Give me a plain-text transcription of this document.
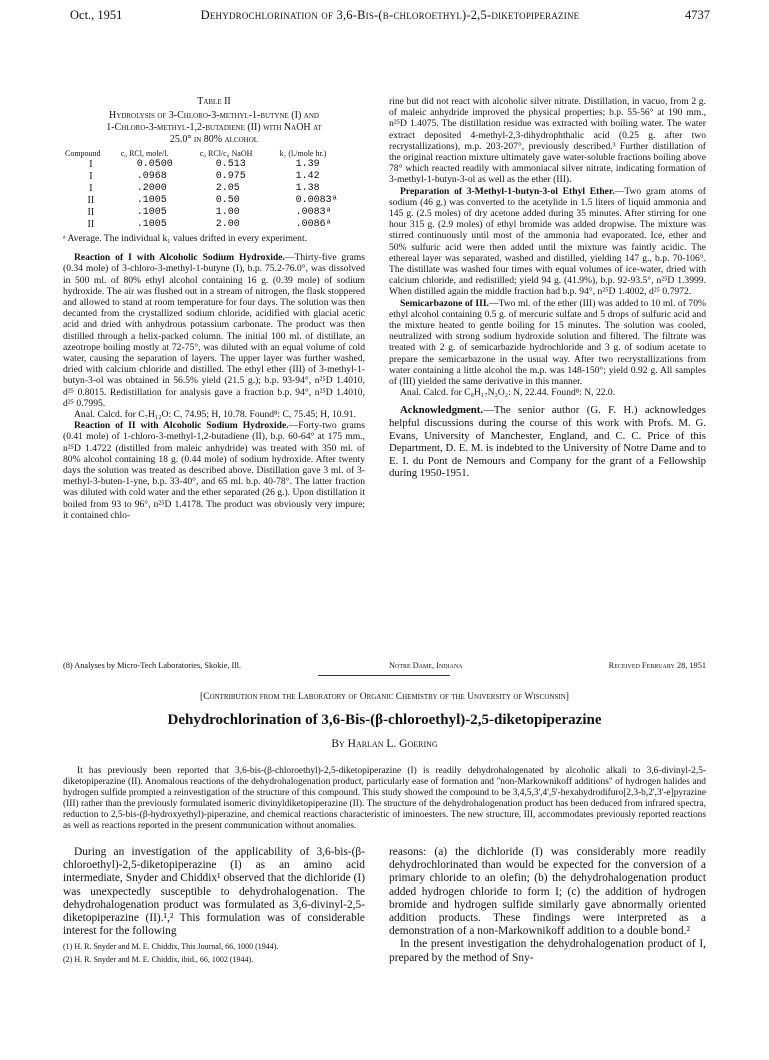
Oct., 1951	Dehydrochlorination of 3,6-Bis-(β-chloroethyl)-2,5-diketopiperazine	4737
Table II
Hydrolysis of 3-Chloro-3-methyl-1-butyne (I) and
1-Chloro-3-methyl-1,2-butadiene (II) with NaOH at
25.0° in 80% alcohol
Compound	c₀ RCl, mole/l.	c₀ RCl/c₀ NaOH	k₁ (l./mole hr.)
I	0.0500	0.513	1.39
I	.0968	0.975	1.42
I	.2000	2.05	1.38
II	.1005	0.50	0.0083ᵃ
II	.1005	1.00	.0083ᵃ
II	.1005	2.00	.0086ᵃ
ᵃ Average. The individual k₁ values drifted in every experiment.

Reaction of I with Alcoholic Sodium Hydroxide.—Thirty-five grams (0.34 mole) of 3-chloro-3-methyl-1-butyne (I), b.p. 75.2-76.0°, was dissolved in 500 ml. of 80% ethyl alcohol containing 16 g. (0.39 mole) of sodium hydroxide. The air was flushed out in a stream of nitrogen, the flask stoppered and allowed to stand at room temperature for four days. The solution was then decanted from the crystallized sodium chloride, acidified with glacial acetic acid and dried with anhydrous potassium carbonate. The product was then distilled through a helix-packed column. The initial 100 ml. of distillate, an azeotrope boiling mostly at 72-75°, was diluted with an equal volume of cold water, causing the separation of layers. The upper layer was further washed, dried with calcium chloride and distilled. The ethyl ether (III) of 3-methyl-1-butyn-3-ol was obtained in 56.5% yield (21.5 g.); b.p. 93-94°, n²⁵D 1.4010, d²⁵ 0.8015. Redistillation for analysis gave a fraction b.p. 94°, n²⁵D 1.4010, d²⁵ 0.7995.

Anal. Calcd. for C₇H₁₂O: C, 74.95; H, 10.78. Found⁸: C, 75.45; H, 10.91.

Reaction of II with Alcoholic Sodium Hydroxide.—Forty-two grams (0.41 mole) of 1-chloro-3-methyl-1,2-butadiene (II), b.p. 60-64° at 175 mm., n²⁵D 1.4722 (distilled from maleic anhydride) was treated with 350 ml. of 80% alcohol containing 18 g. (0.44 mole) of sodium hydroxide. After twenty days the solution was treated as described above. Distillation gave 3 ml. of 3-methyl-3-buten-1-yne, b.p. 33-40°, and 65 ml. b.p. 40-78°. The latter fraction was diluted with cold water and the ether separated (26 g.). Upon distillation it boiled from 93 to 96°, n²⁵D 1.4178. The product was obviously very impure; it contained chlo-

(8) Analyses by Micro-Tech Laboratories, Skokie, Ill.

rine but did not react with alcoholic silver nitrate. Distillation, in vacuo, from 2 g. of maleic anhydride improved the physical properties; b.p. 55-56° at 190 mm., n²⁵D 1.4075. The distillation residue was extracted with boiling water. The water extract deposited 4-methyl-2,3-dihydrophthalic acid (0.25 g. after two recrystallizations), m.p. 203-207°, previously described.³ Further distillation of the original reaction mixture ultimately gave water-soluble fractions boiling above 78° which reacted readily with ammoniacal silver nitrate, indicating formation of 3-methyl-1-butyn-3-ol as well as the ether (III).

Preparation of 3-Methyl-1-butyn-3-ol Ethyl Ether.—Two gram atoms of sodium (46 g.) was converted to the acetylide in 1.5 liters of liquid ammonia and 145 g. (2.5 moles) of dry acetone added during 35 minutes. After stirring for one hour 315 g. (2.9 moles) of ethyl bromide was added dropwise. The mixture was stirred continuously until most of the ammonia had evaporated. Ice, ether and 50% sulfuric acid were then added until the mixture was faintly acidic. The ethereal layer was separated, washed and distilled, yielding 147 g., b.p. 70-106°. The distillate was washed four times with equal volumes of ice-water, dried with calcium chloride, and redistilled; yield 94 g. (41.9%), b.p. 92-93.5°, n²⁵D 1.3999. When distilled again the middle fraction had b.p. 94°, n²⁵D 1.4002, d²⁵ 0.7972.

Semicarbazone of III.—Two ml. of the ether (III) was added to 10 ml. of 70% ethyl alcohol containing 0.5 g. of mercuric sulfate and 5 drops of sulfuric acid and the mixture heated to gentle boiling for 15 minutes. The solution was cooled, neutralized with strong sodium hydroxide solution and filtered. The filtrate was treated with 2 g. of semicarbazide hydrochloride and 3 g. of sodium acetate to prepare the semicarbazone in the usual way. After two recrystallizations from water containing a little alcohol the m.p. was 148-150°; yield 0.92 g. All samples of (III) yielded the same derivative in this manner.

Anal. Calcd. for C₈H₁₇N₃O₂: N, 22.44. Found⁸: N, 22.0.

Acknowledgment.—The senior author (G. F. H.) acknowledges helpful discussions during the course of this work with Profs. M. G. Evans, University of Manchester, England, and C. C. Price of this Department, D. E. M. is indebted to the University of Notre Dame and to E. I. du Pont de Nemours and Company for the grant of a Fellowship during 1950-1951.

Notre Dame, Indiana	Received February 28, 1951
[Contribution from the Laboratory of Organic Chemistry of the University of Wisconsin]
Dehydrochlorination of 3,6-Bis-(β-chloroethyl)-2,5-diketopiperazine
By Harlan L. Goering

It has previously been reported that 3,6-bis-(β-chloroethyl)-2,5-diketopiperazine (I) is readily dehydrohalogenated by alcoholic alkali to 3,6-divinyl-2,5-diketopiperazine (II). Anomalous reactions of the dehydrohalogenation product, particularly ease of formation and "non-Markownikoff additions" of hydrogen halides and hydrogen sulfide prompted a reinvestigation of the structure of this compound. This study showed the compound to be 3,4,5,3',4',5'-hexahydrodifuro[2,3-b,2',3'-e]pyrazine (III) rather than the previously formulated isomeric divinyldiketopiperazine (II). The structure of the dehydrohalogenation product has been deduced from infrared spectra, reduction to 2,5-bis-(β-hydroxyethyl)-piperazine, and chemical reactions characteristic of iminoesters. The new structure, III, accommodates previously reported reactions as well as reactions reported in the present communication without anomalies.

During an investigation of the applicability of 3,6-bis-(β-chloroethyl)-2,5-diketopiperazine (I) as an amino acid intermediate, Snyder and Chiddix¹ observed that the dichloride (I) was unexpectedly susceptible to dehydrohalogenation. The dehydrohalogenation product was formulated as 3,6-divinyl-2,5-diketopiperazine (II).¹,² This formulation was of considerable interest for the following

(1) H. R. Snyder and M. E. Chiddix, This Journal, 66, 1000 (1944).
(2) H. R. Snyder and M. E. Chiddix, ibid., 66, 1002 (1944).

reasons: (a) the dichloride (I) was considerably more readily dehydrochlorinated than would be expected for the conversion of a primary chloride to an olefin; (b) the dehydrohalogenation product added hydrogen chloride to form I; (c) the addition of hydrogen bromide and hydrogen sulfide similarly gave abnormally oriented addition products. These findings were interpreted as a demonstration of a non-Markownikoff addition to a double bond.²

In the present investigation the dehydrohalogenation product of I, prepared by the method of Sny-
